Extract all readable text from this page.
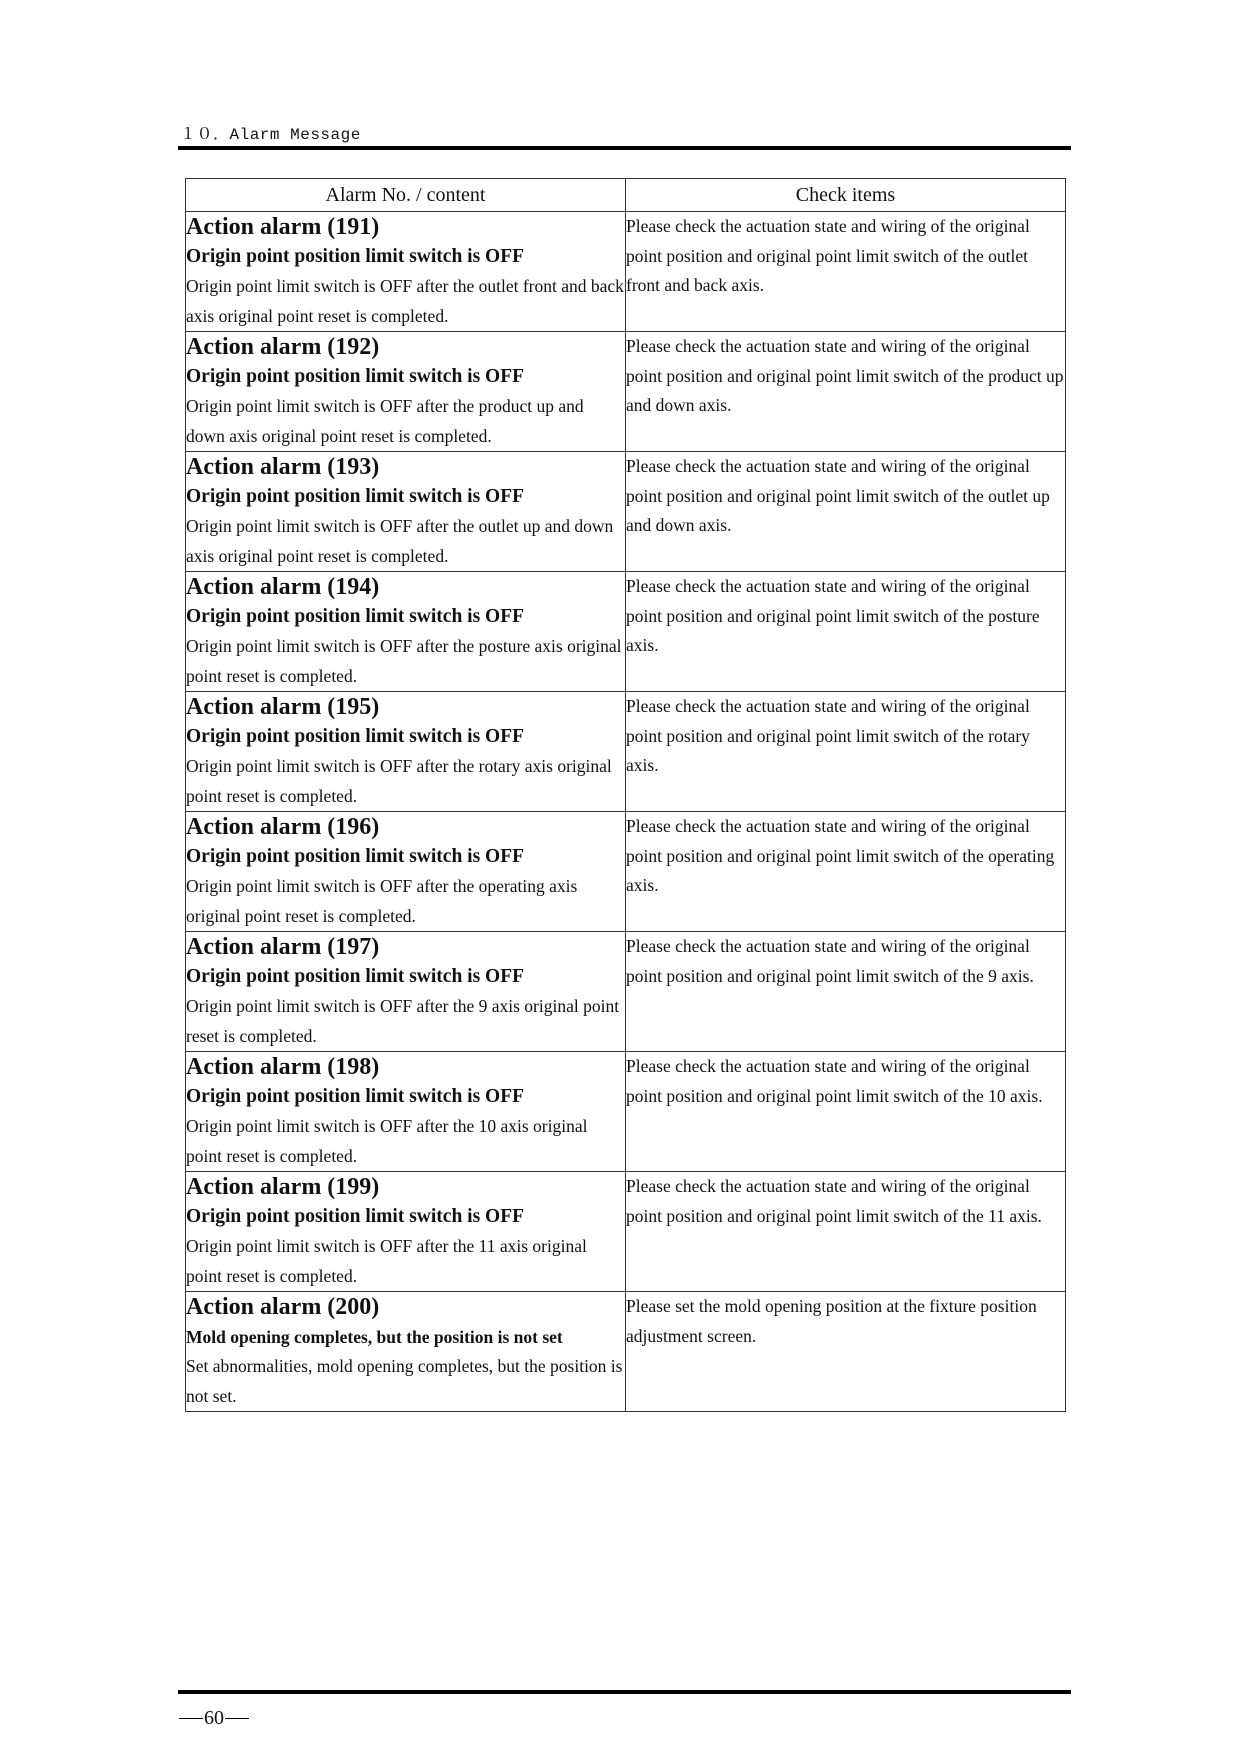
１０．Alarm Message
Alarm No. / content	Check items

Action alarm (191)
Origin point position limit switch is OFF
Origin point limit switch is OFF after the outlet front and back axis original point reset is completed.	Please check the actuation state and wiring of the original point position and original point limit switch of the outlet front and back axis.

Action alarm (192)
Origin point position limit switch is OFF
Origin point limit switch is OFF after the product up and down axis original point reset is completed.	Please check the actuation state and wiring of the original point position and original point limit switch of the product up and down axis.

Action alarm (193)
Origin point position limit switch is OFF
Origin point limit switch is OFF after the outlet up and down axis original point reset is completed.	Please check the actuation state and wiring of the original point position and original point limit switch of the outlet up and down axis.

Action alarm (194)
Origin point position limit switch is OFF
Origin point limit switch is OFF after the posture axis original point reset is completed.	Please check the actuation state and wiring of the original point position and original point limit switch of the posture axis.

Action alarm (195)
Origin point position limit switch is OFF
Origin point limit switch is OFF after the rotary axis original point reset is completed.	Please check the actuation state and wiring of the original point position and original point limit switch of the rotary axis.

Action alarm (196)
Origin point position limit switch is OFF
Origin point limit switch is OFF after the operating axis original point reset is completed.	Please check the actuation state and wiring of the original point position and original point limit switch of the operating axis.

Action alarm (197)
Origin point position limit switch is OFF
Origin point limit switch is OFF after the 9 axis original point reset is completed.	Please check the actuation state and wiring of the original point position and original point limit switch of the 9 axis.

Action alarm (198)
Origin point position limit switch is OFF
Origin point limit switch is OFF after the 10 axis original point reset is completed.	Please check the actuation state and wiring of the original point position and original point limit switch of the 10 axis.

Action alarm (199)
Origin point position limit switch is OFF
Origin point limit switch is OFF after the 11 axis original point reset is completed.	Please check the actuation state and wiring of the original point position and original point limit switch of the 11 axis.

Action alarm (200)
Mold opening completes, but the position is not set
Set abnormalities, mold opening completes, but the position is not set.	Please set the mold opening position at the fixture position adjustment screen.
60
